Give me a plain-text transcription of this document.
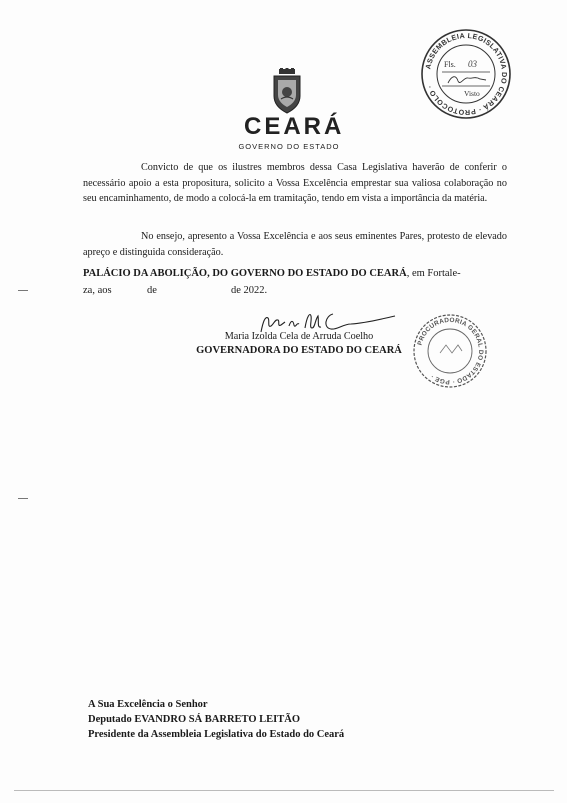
ASSEMBLEIA LEGISLATIVA DO CEARÁ · PROTOCOLO ·
Fls. 03
Visto
CEARÁ
GOVERNO DO ESTADO
Convicto de que os ilustres membros dessa Casa Legislativa haverão de conferir o necessário apoio a esta propositura, solicito a Vossa Excelência emprestar sua valiosa colaboração no seu encaminhamento, de modo a colocá-la em tramitação, tendo em vista a importância da matéria.
No ensejo, apresento a Vossa Excelência e aos seus eminentes Pares, protesto de elevado apreço e distinguida consideração.
PALÁCIO DA ABOLIÇÃO, DO GOVERNO DO ESTADO DO CEARÁ, em Fortale-
za, aos	de	de 2022.
Maria Izolda Cela de Arruda Coelho
GOVERNADORA DO ESTADO DO CEARÁ
PROCURADORIA GERAL DO ESTADO · PGE ·
A Sua Excelência o Senhor
Deputado EVANDRO SÁ BARRETO LEITÃO
Presidente da Assembleia Legislativa do Estado do Ceará
